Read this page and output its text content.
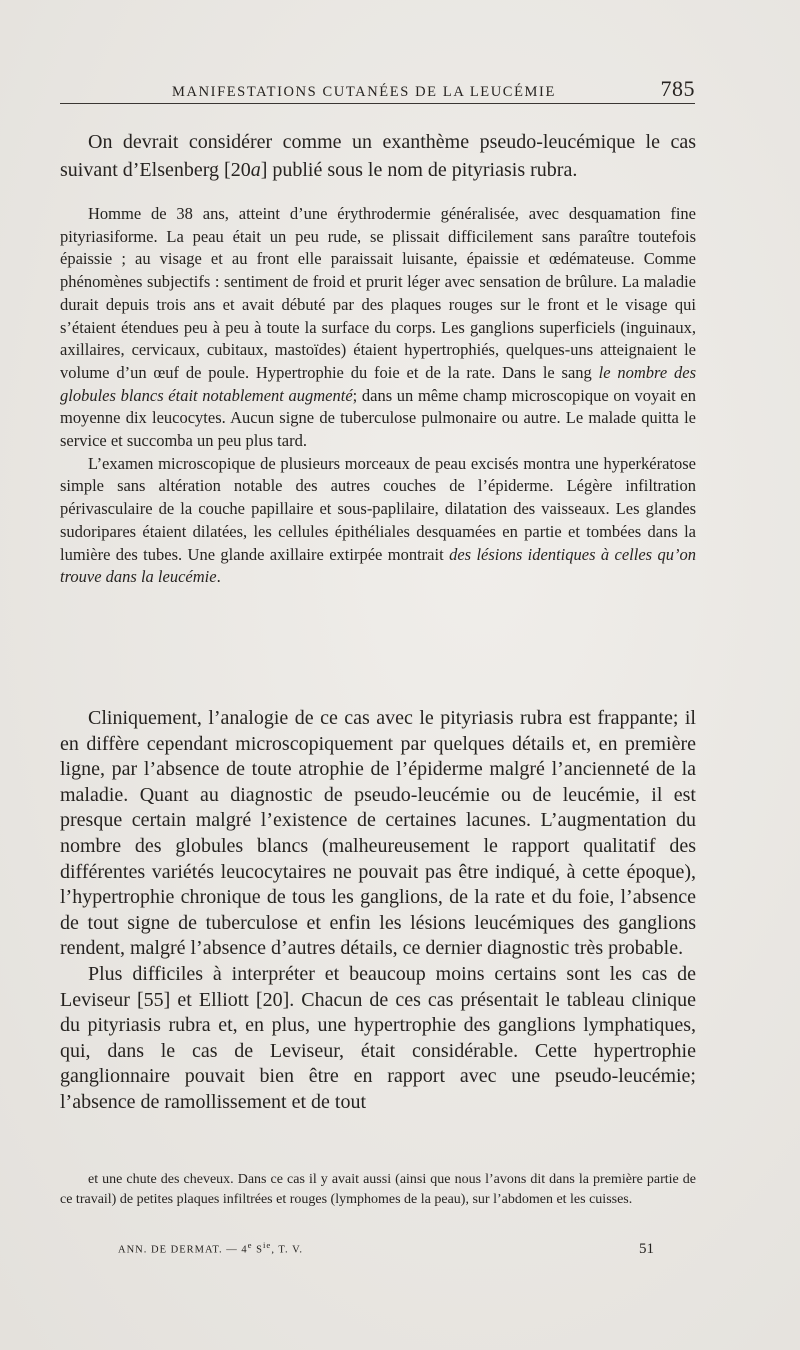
MANIFESTATIONS CUTANÉES DE LA LEUCÉMIE	785
On devrait considérer comme un exanthème pseudo-leucémique le cas suivant d’Elsenberg [20a] publié sous le nom de pityriasis rubra.

Homme de 38 ans, atteint d’une érythrodermie généralisée, avec desquamation fine pityriasiforme. La peau était un peu rude, se plissait difficilement sans paraître toutefois épaissie ; au visage et au front elle paraissait luisante, épaissie et œdémateuse. Comme phénomènes subjectifs : sentiment de froid et prurit léger avec sensation de brûlure. La maladie durait depuis trois ans et avait débuté par des plaques rouges sur le front et le visage qui s’étaient étendues peu à peu à toute la surface du corps. Les ganglions superficiels (inguinaux, axillaires, cervicaux, cubitaux, mastoïdes) étaient hypertrophiés, quelques-uns atteignaient le volume d’un œuf de poule. Hypertrophie du foie et de la rate. Dans le sang le nombre des globules blancs était notablement augmenté; dans un même champ microscopique on voyait en moyenne dix leucocytes. Aucun signe de tuberculose pulmonaire ou autre. Le malade quitta le service et succomba un peu plus tard.

L’examen microscopique de plusieurs morceaux de peau excisés montra une hyperkératose simple sans altération notable des autres couches de l’épiderme. Légère infiltration périvasculaire de la couche papillaire et sous-paplilaire, dilatation des vaisseaux. Les glandes sudoripares étaient dilatées, les cellules épithéliales desquamées en partie et tombées dans la lumière des tubes. Une glande axillaire extirpée montrait des lésions identiques à celles qu’on trouve dans la leucémie.

Cliniquement, l’analogie de ce cas avec le pityriasis rubra est frappante; il en diffère cependant microscopiquement par quelques détails et, en première ligne, par l’absence de toute atrophie de l’épiderme malgré l’ancienneté de la maladie. Quant au diagnostic de pseudo-leucémie ou de leucémie, il est presque certain malgré l’existence de certaines lacunes. L’augmentation du nombre des globules blancs (malheureusement le rapport qualitatif des différentes variétés leucocytaires ne pouvait pas être indiqué, à cette époque), l’hypertrophie chronique de tous les ganglions, de la rate et du foie, l’absence de tout signe de tuberculose et enfin les lésions leucémiques des ganglions rendent, malgré l’absence d’autres détails, ce dernier diagnostic très probable.

Plus difficiles à interpréter et beaucoup moins certains sont les cas de Leviseur [55] et Elliott [20]. Chacun de ces cas présentait le tableau clinique du pityriasis rubra et, en plus, une hypertrophie des ganglions lymphatiques, qui, dans le cas de Leviseur, était considérable. Cette hypertrophie ganglionnaire pouvait bien être en rapport avec une pseudo-leucémie; l’absence de ramollissement et de tout

et une chute des cheveux. Dans ce cas il y avait aussi (ainsi que nous l’avons dit dans la première partie de ce travail) de petites plaques infiltrées et rouges (lymphomes de la peau), sur l’abdomen et les cuisses.
ANN. DE DERMAT. — 4e $S^{ie}$, T. V.	51
